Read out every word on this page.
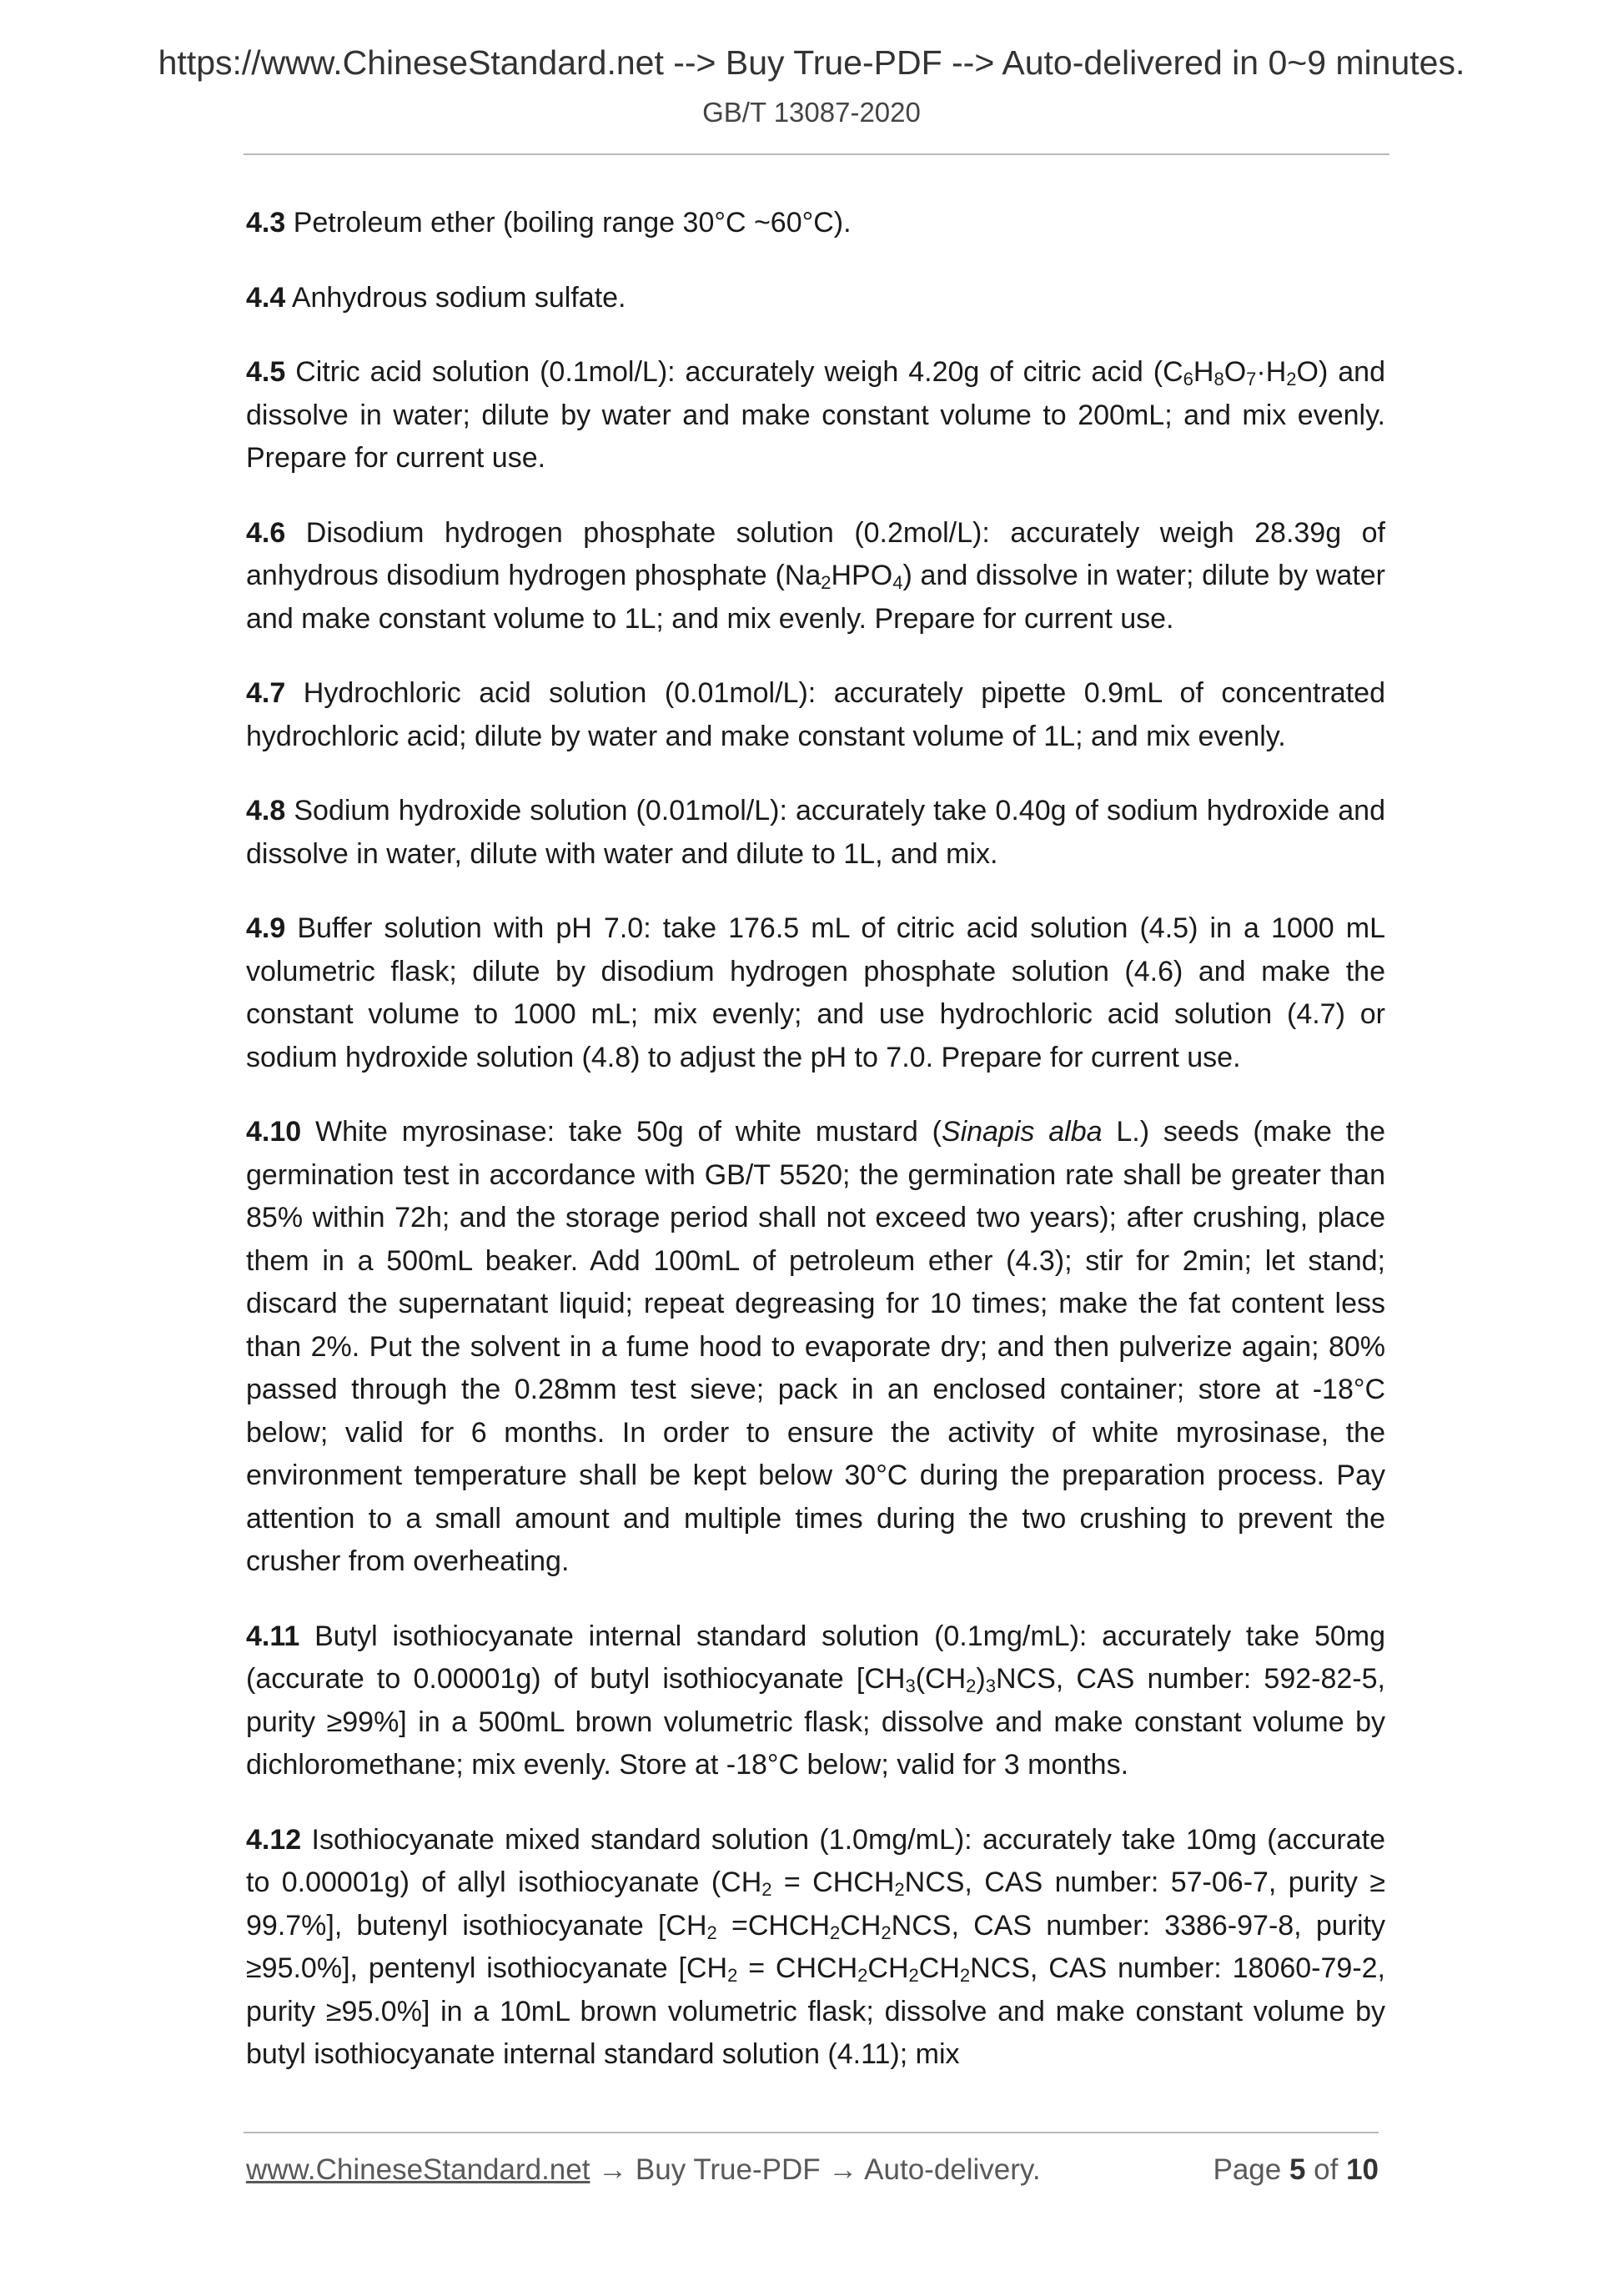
https://www.ChineseStandard.net --> Buy True-PDF --> Auto-delivered in 0~9 minutes.
GB/T 13087-2020

4.3 Petroleum ether (boiling range 30°C ~60°C).

4.4 Anhydrous sodium sulfate.

4.5 Citric acid solution (0.1mol/L): accurately weigh 4.20g of citric acid $(C_6H_8O_7\cdot H_2O)$ and dissolve in water; dilute by water and make constant volume to 200mL; and mix evenly. Prepare for current use.

4.6 Disodium hydrogen phosphate solution (0.2mol/L): accurately weigh 28.39g of anhydrous disodium hydrogen phosphate $(Na_2HPO_4)$ and dissolve in water; dilute by water and make constant volume to 1L; and mix evenly. Prepare for current use.

4.7 Hydrochloric acid solution (0.01mol/L): accurately pipette 0.9mL of concentrated hydrochloric acid; dilute by water and make constant volume of 1L; and mix evenly.

4.8 Sodium hydroxide solution (0.01mol/L): accurately take 0.40g of sodium hydroxide and dissolve in water, dilute with water and dilute to 1L, and mix.

4.9 Buffer solution with pH 7.0: take 176.5 mL of citric acid solution (4.5) in a 1000 mL volumetric flask; dilute by disodium hydrogen phosphate solution (4.6) and make the constant volume to 1000 mL; mix evenly; and use hydrochloric acid solution (4.7) or sodium hydroxide solution (4.8) to adjust the pH to 7.0. Prepare for current use.

4.10 White myrosinase: take 50g of white mustard (Sinapis alba L.) seeds (make the germination test in accordance with GB/T 5520; the germination rate shall be greater than 85% within 72h; and the storage period shall not exceed two years); after crushing, place them in a 500mL beaker. Add 100mL of petroleum ether (4.3); stir for 2min; let stand; discard the supernatant liquid; repeat degreasing for 10 times; make the fat content less than 2%. Put the solvent in a fume hood to evaporate dry; and then pulverize again; 80% passed through the 0.28mm test sieve; pack in an enclosed container; store at -18°C below; valid for 6 months. In order to ensure the activity of white myrosinase, the environment temperature shall be kept below 30°C during the preparation process. Pay attention to a small amount and multiple times during the two crushing to prevent the crusher from overheating.

4.11 Butyl isothiocyanate internal standard solution (0.1mg/mL): accurately take 50mg (accurate to 0.00001g) of butyl isothiocyanate [$CH_3(CH_2)_3NCS$, CAS number: 592-82-5, purity ≥99%] in a 500mL brown volumetric flask; dissolve and make constant volume by dichloromethane; mix evenly. Store at -18°C below; valid for 3 months.

4.12 Isothiocyanate mixed standard solution (1.0mg/mL): accurately take 10mg (accurate to 0.00001g) of allyl isothiocyanate ($CH_2$ = $CHCH_2NCS$, CAS number: 57-06-7, purity ≥ 99.7%], butenyl isothiocyanate [$CH_2$ $=CHCH_2CH_2NCS$, CAS number: 3386-97-8, purity ≥95.0%], pentenyl isothiocyanate [$CH_2$ = $CHCH_2CH_2CH_2NCS$, CAS number: 18060-79-2, purity ≥95.0%] in a 10mL brown volumetric flask; dissolve and make constant volume by butyl isothiocyanate internal standard solution (4.11); mix

www.ChineseStandard.net → Buy True-PDF → Auto-delivery.	Page 5 of 10
